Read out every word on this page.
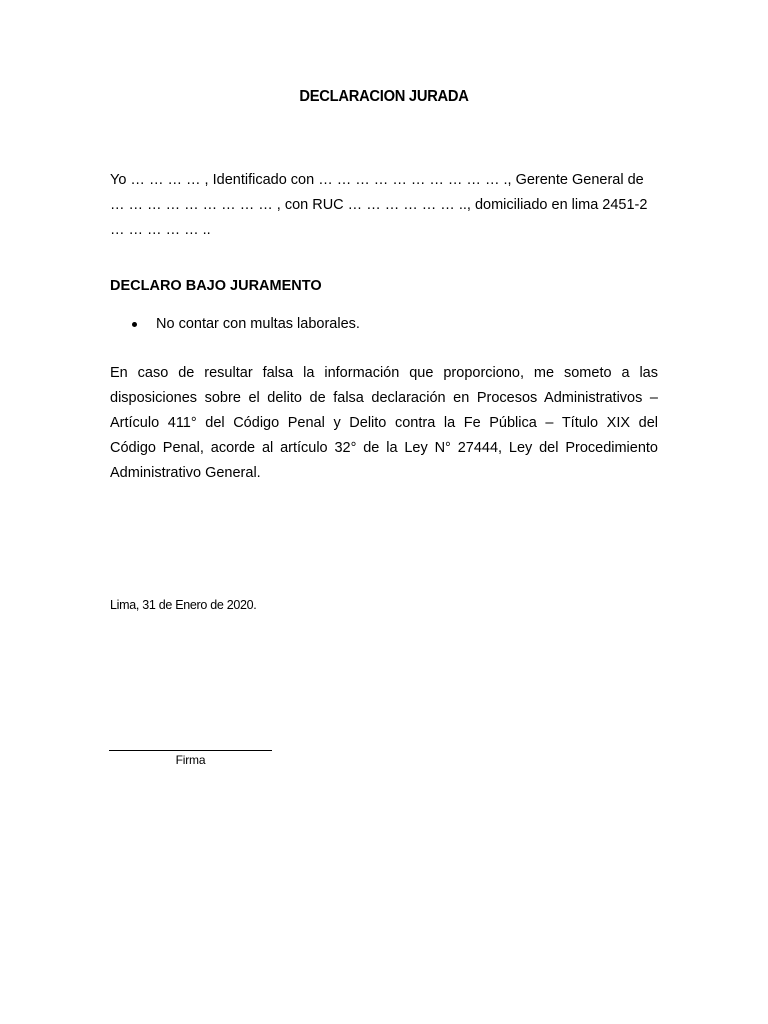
DECLARACION JURADA
Yo … … … … , Identificado con … … … … … … … … … … ., Gerente General de
… … … … … … … … … , con RUC … … … … … … .., domiciliado en lima 2451-2
… … … … … ..
DECLARO BAJO JURAMENTO
No contar con multas laborales.
En caso de resultar falsa la información que proporciono, me someto a las
disposiciones sobre el delito de falsa declaración en Procesos Administrativos –
Artículo 411° del Código Penal y Delito contra la Fe Pública – Título XIX del
Código Penal, acorde al artículo 32° de la Ley N° 27444, Ley del Procedimiento
Administrativo General.
Lima, 31 de Enero de 2020.
Firma
